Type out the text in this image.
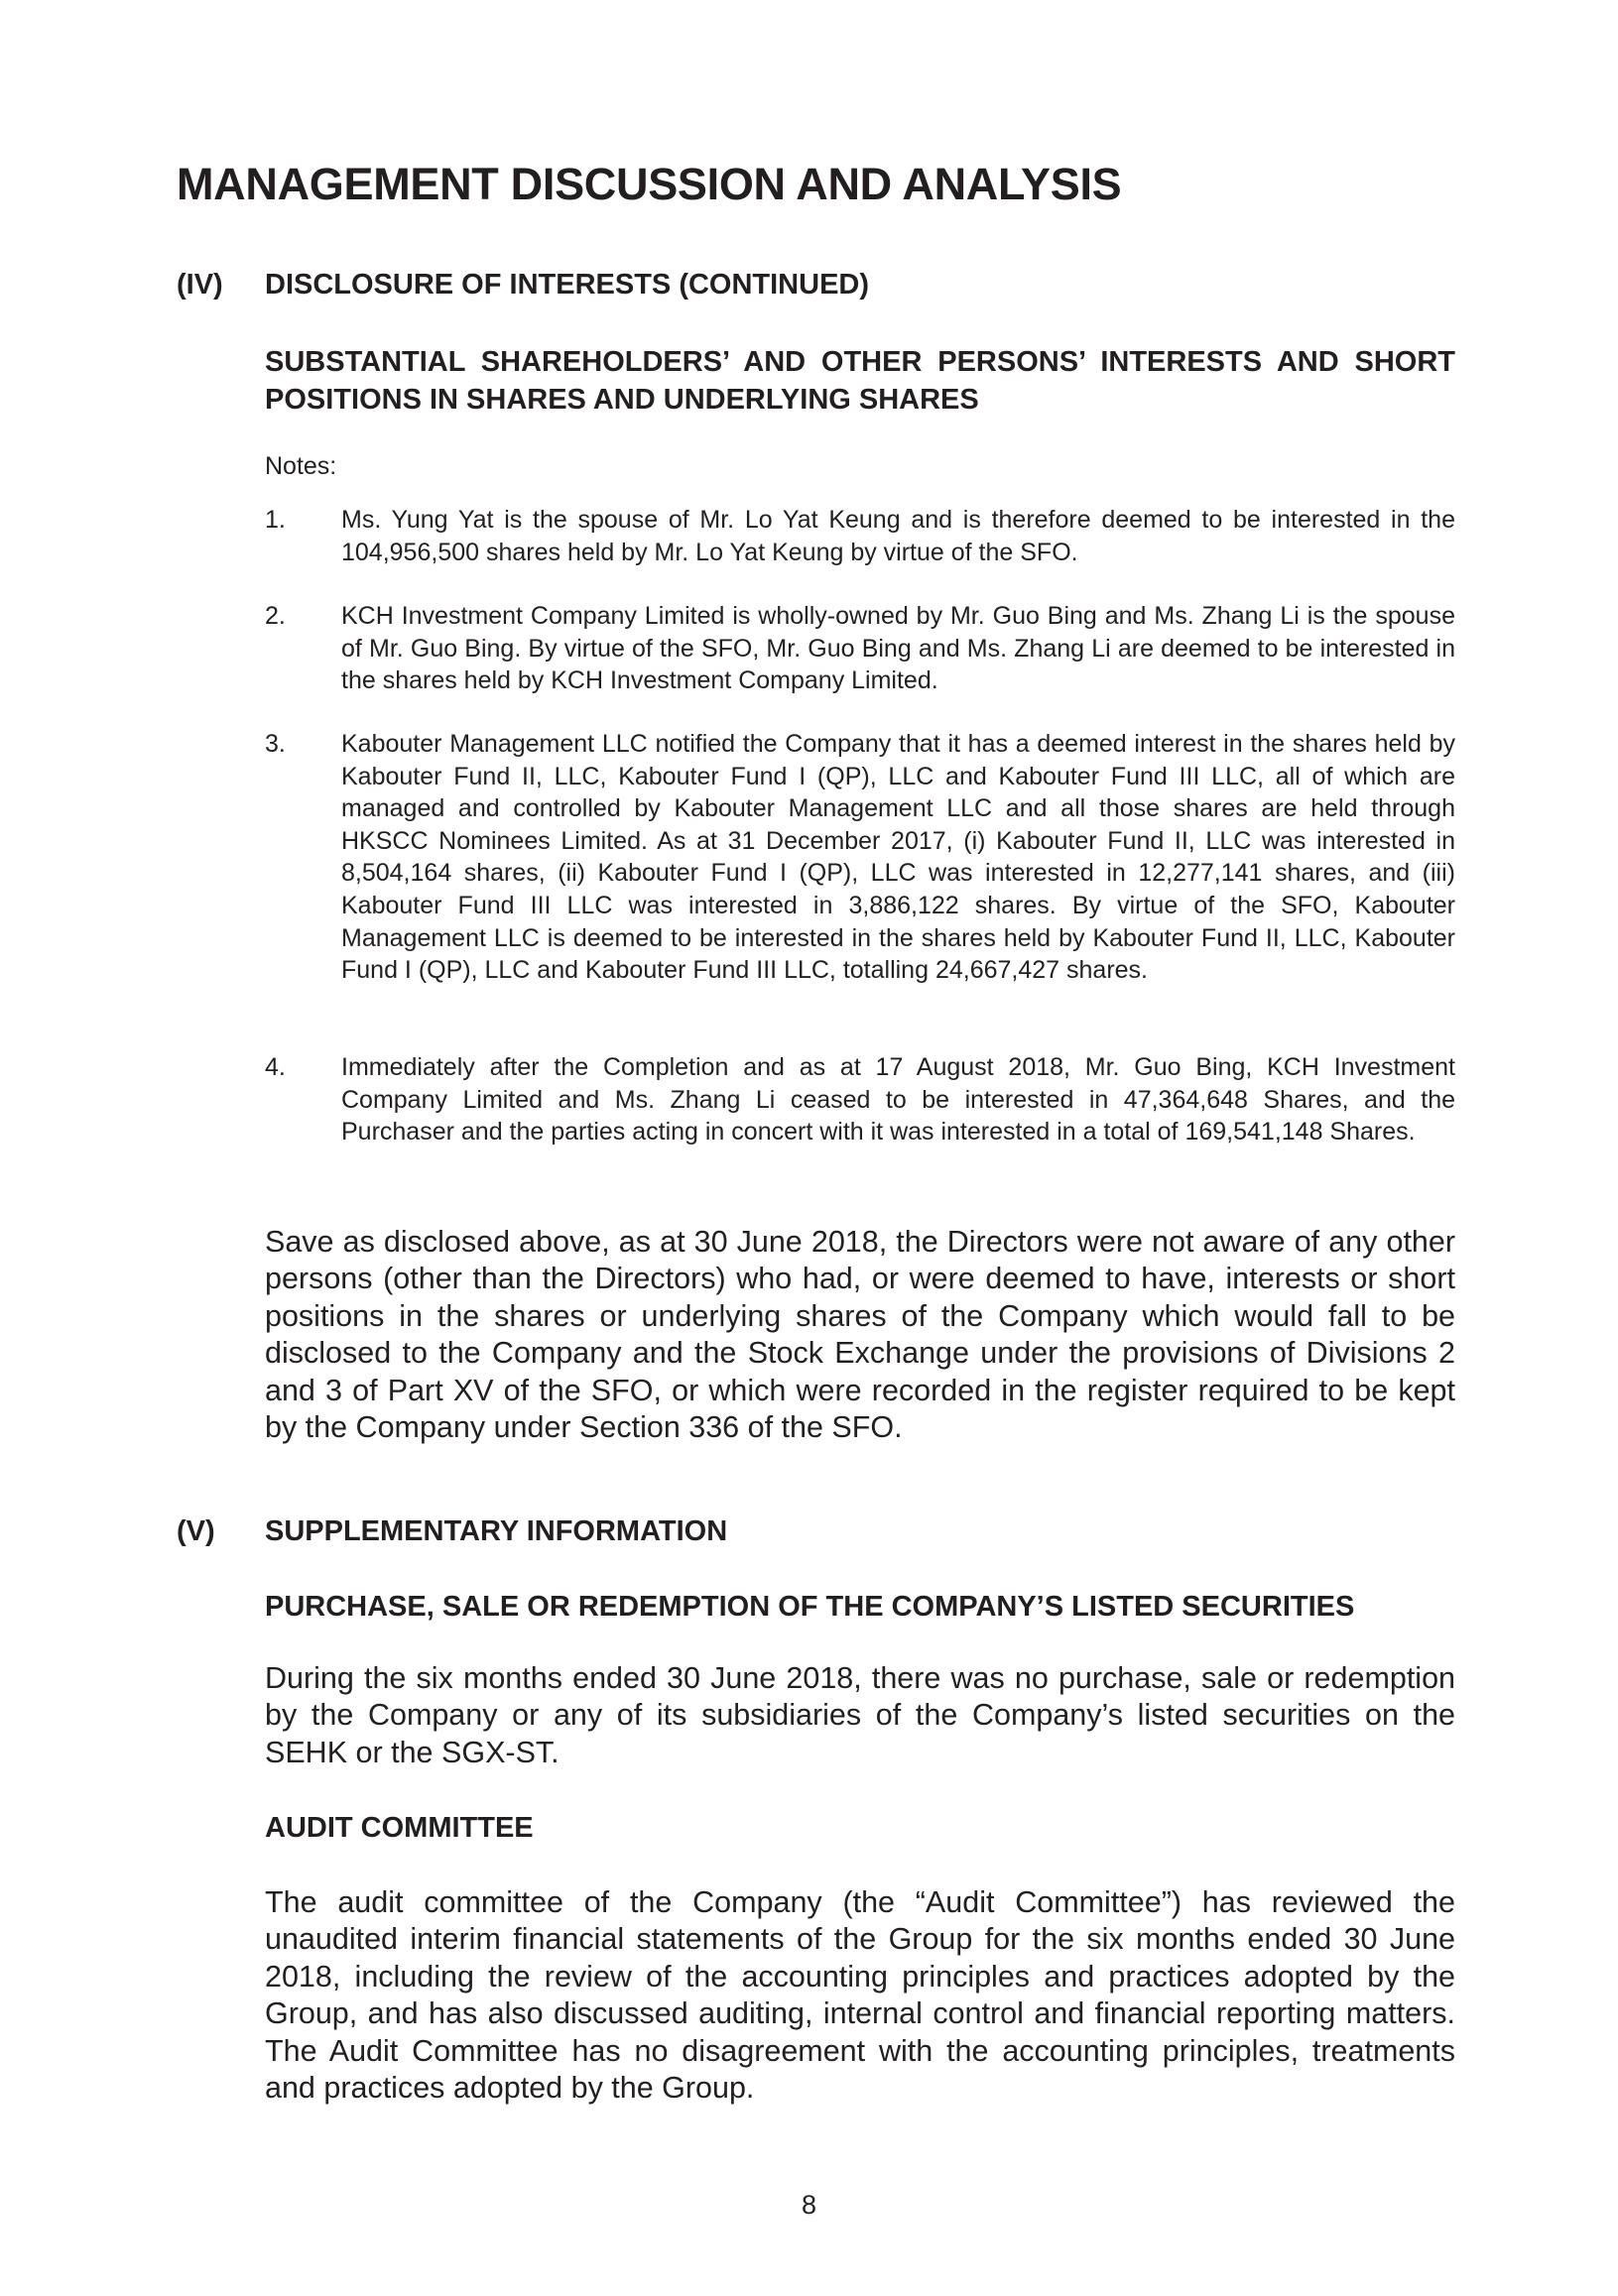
MANAGEMENT DISCUSSION AND ANALYSIS
(IV)	DISCLOSURE OF INTERESTS (CONTINUED)
SUBSTANTIAL SHAREHOLDERS’ AND OTHER PERSONS’ INTERESTS AND SHORT POSITIONS IN SHARES AND UNDERLYING SHARES
Notes:
1.	Ms. Yung Yat is the spouse of Mr. Lo Yat Keung and is therefore deemed to be interested in the 104,956,500 shares held by Mr. Lo Yat Keung by virtue of the SFO.
2.	KCH Investment Company Limited is wholly-owned by Mr. Guo Bing and Ms. Zhang Li is the spouse of Mr. Guo Bing. By virtue of the SFO, Mr. Guo Bing and Ms. Zhang Li are deemed to be interested in the shares held by KCH Investment Company Limited.
3.	Kabouter Management LLC notified the Company that it has a deemed interest in the shares held by Kabouter Fund II, LLC, Kabouter Fund I (QP), LLC and Kabouter Fund III LLC, all of which are managed and controlled by Kabouter Management LLC and all those shares are held through HKSCC Nominees Limited. As at 31 December 2017, (i) Kabouter Fund II, LLC was interested in 8,504,164 shares, (ii) Kabouter Fund I (QP), LLC was interested in 12,277,141 shares, and (iii) Kabouter Fund III LLC was interested in 3,886,122 shares. By virtue of the SFO, Kabouter Management LLC is deemed to be interested in the shares held by Kabouter Fund II, LLC, Kabouter Fund I (QP), LLC and Kabouter Fund III LLC, totalling 24,667,427 shares.
4.	Immediately after the Completion and as at 17 August 2018, Mr. Guo Bing, KCH Investment Company Limited and Ms. Zhang Li ceased to be interested in 47,364,648 Shares, and the Purchaser and the parties acting in concert with it was interested in a total of 169,541,148 Shares.
Save as disclosed above, as at 30 June 2018, the Directors were not aware of any other persons (other than the Directors) who had, or were deemed to have, interests or short positions in the shares or underlying shares of the Company which would fall to be disclosed to the Company and the Stock Exchange under the provisions of Divisions 2 and 3 of Part XV of the SFO, or which were recorded in the register required to be kept by the Company under Section 336 of the SFO.
(V)	SUPPLEMENTARY INFORMATION
PURCHASE, SALE OR REDEMPTION OF THE COMPANY’S LISTED SECURITIES
During the six months ended 30 June 2018, there was no purchase, sale or redemption by the Company or any of its subsidiaries of the Company’s listed securities on the SEHK or the SGX-ST.
AUDIT COMMITTEE
The audit committee of the Company (the “Audit Committee”) has reviewed the unaudited interim financial statements of the Group for the six months ended 30 June 2018, including the review of the accounting principles and practices adopted by the Group, and has also discussed auditing, internal control and financial reporting matters. The Audit Committee has no disagreement with the accounting principles, treatments and practices adopted by the Group.
8
